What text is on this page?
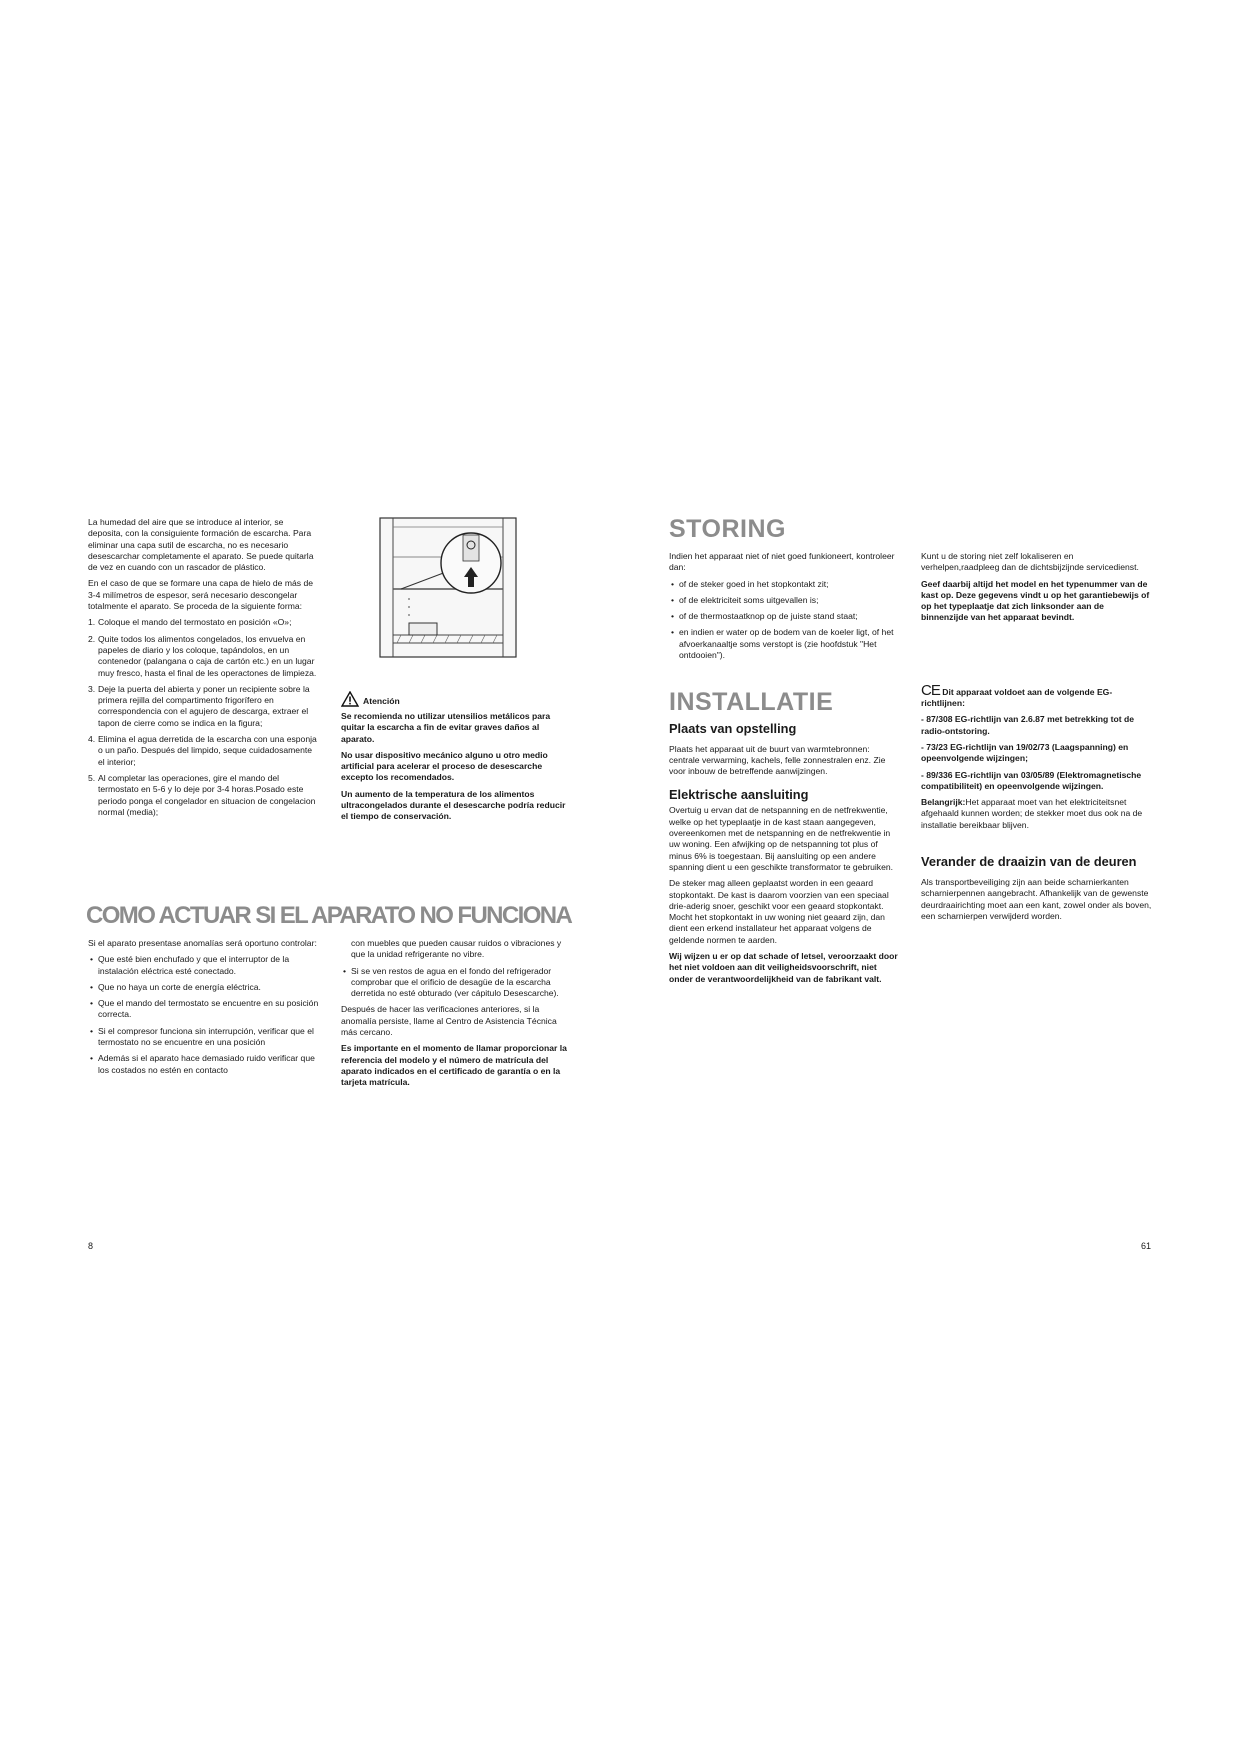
La humedad del aire que se introduce al interior, se deposita, con la consiguiente formación de escarcha. Para eliminar una capa sutil de escarcha, no es necesario desescarchar completamente el aparato. Se puede quitarla de vez en cuando con un rascador de plástico.

En el caso de que se formare una capa de hielo de más de 3-4 milímetros de espesor, será necesario descongelar totalmente el aparato. Se proceda de la siguiente forma:

1. Coloque el mando del termostato en posición «O»;
2. Quite todos los alimentos congelados, los envuelva en papeles de diario y los coloque, tapándolos, en un contenedor (palangana o caja de cartón etc.) en un lugar muy fresco, hasta el final de les operactones de limpieza.
3. Deje la puerta del abierta y poner un recipiente sobre la primera rejilla del compartimento frigorífero en correspondencia con el agujero de descarga, extraer el tapon de cierre como se indica en la figura;
4. Elimina el agua derretida de la escarcha con una esponja o un paño. Después del limpido, seque cuidadosamente el interior;
5. Al completar las operaciones, gire el mando del termostato en 5-6 y lo deje por 3-4 horas.Posado este periodo ponga el congelador en situacion de congelacion normal (media);
Atención

Se recomienda no utilizar utensilios metálicos para quitar la escarcha a fin de evitar graves daños al aparato.

No usar dispositivo mecánico alguno u otro medio artificial para acelerar el proceso de desescarche excepto los recomendados.

Un aumento de la temperatura de los alimentos ultracongelados durante el desescarche podría reducir el tiempo de conservación.

COMO ACTUAR SI EL APARATO NO FUNCIONA

Si el aparato presentase anomalías será oportuno controlar:

• Que esté bien enchufado y que el interruptor de la instalación eléctrica esté conectado.
• Que no haya un corte de energía eléctrica.
• Que el mando del termostato se encuentre en su posición correcta.
• Si el compresor funciona sin interrupción, verificar que el termostato no se encuentre en una posición
• Además si el aparato hace demasiado ruido verificar que los costados no estén en contacto

con muebles que pueden causar ruidos o vibraciones y que la unidad refrigerante no vibre.

• Si se ven restos de agua en el fondo del refrigerador comprobar que el orificio de desagüe de la escarcha derretida no esté obturado (ver cápitulo Desescarche).

Después de hacer las verificaciones anteriores, si la anomalía persiste, llame al Centro de Asistencia Técnica más cercano.

Es importante en el momento de llamar proporcionar la referencia del modelo y el número de matrícula del aparato indicados en el certificado de garantía o en la tarjeta matrícula.

8
STORING

Indien het apparaat niet of niet goed funkioneert, kontroleer dan:

• of de steker goed in het stopkontakt zit;
• of de elektriciteit soms uitgevallen is;
• of de thermostaatknop op de juiste stand staat;
• en indien er water op de bodem van de koeler ligt, of het afvoerkanaaltje soms verstopt is (zie hoofdstuk "Het ontdooien").
INSTALLATIE
Plaats van opstelling

Plaats het apparaat uit de buurt van warmtebronnen: centrale verwarming, kachels, felle zonnestralen enz. Zie voor inbouw de betreffende aanwijzingen.

Elektrische aansluiting

Overtuig u ervan dat de netspanning en de netfrekwentie, welke op het typeplaatje in de kast staan aangegeven, overeenkomen met de netspanning en de netfrekwentie in uw woning. Een afwijking op de netspanning tot plus of minus 6% is toegestaan. Bij aansluiting op een andere spanning dient u een geschikte transformator te gebruiken.

De steker mag alleen geplaatst worden in een geaard stopkontakt. De kast is daarom voorzien van een speciaal drie-aderig snoer, geschikt voor een geaard stopkontakt. Mocht het stopkontakt in uw woning niet geaard zijn, dan dient een erkend installateur het apparaat volgens de geldende normen te aarden.

Wij wijzen u er op dat schade of letsel, veroorzaakt door het niet voldoen aan dit veiligheidsvoorschrift, niet onder de verantwoordelijkheid van de fabrikant valt.

Kunt u de storing niet zelf lokaliseren en verhelpen,raadpleeg dan de dichtsbijzijnde servicedienst.

Geef daarbij altijd het model en het typenummer van de kast op. Deze gegevens vindt u op het garantiebewijs of op het typeplaatje dat zich linksonder aan de binnenzijde van het apparaat bevindt.

CE Dit apparaat voldoet aan de volgende EG-richtlijnen:

- 87/308 EG-richtlijn van 2.6.87 met betrekking tot de radio-ontstoring.

- 73/23 EG-richtlijn van 19/02/73 (Laagspanning) en opeenvolgende wijzingen;

- 89/336 EG-richtlijn van 03/05/89 (Elektromagnetische compatibiliteit) en opeenvolgende wijzingen.

Belangrijk:Het apparaat moet van het elektriciteitsnet afgehaald kunnen worden; de stekker moet dus ook na de installatie bereikbaar blijven.

Verander de draaizin van de deuren

Als transportbeveiliging zijn aan beide scharnierkanten scharnierpennen aangebracht. Afhankelijk van de gewenste deurdraairichting moet aan een kant, zowel onder als boven, een scharnierpen verwijderd worden.

61
